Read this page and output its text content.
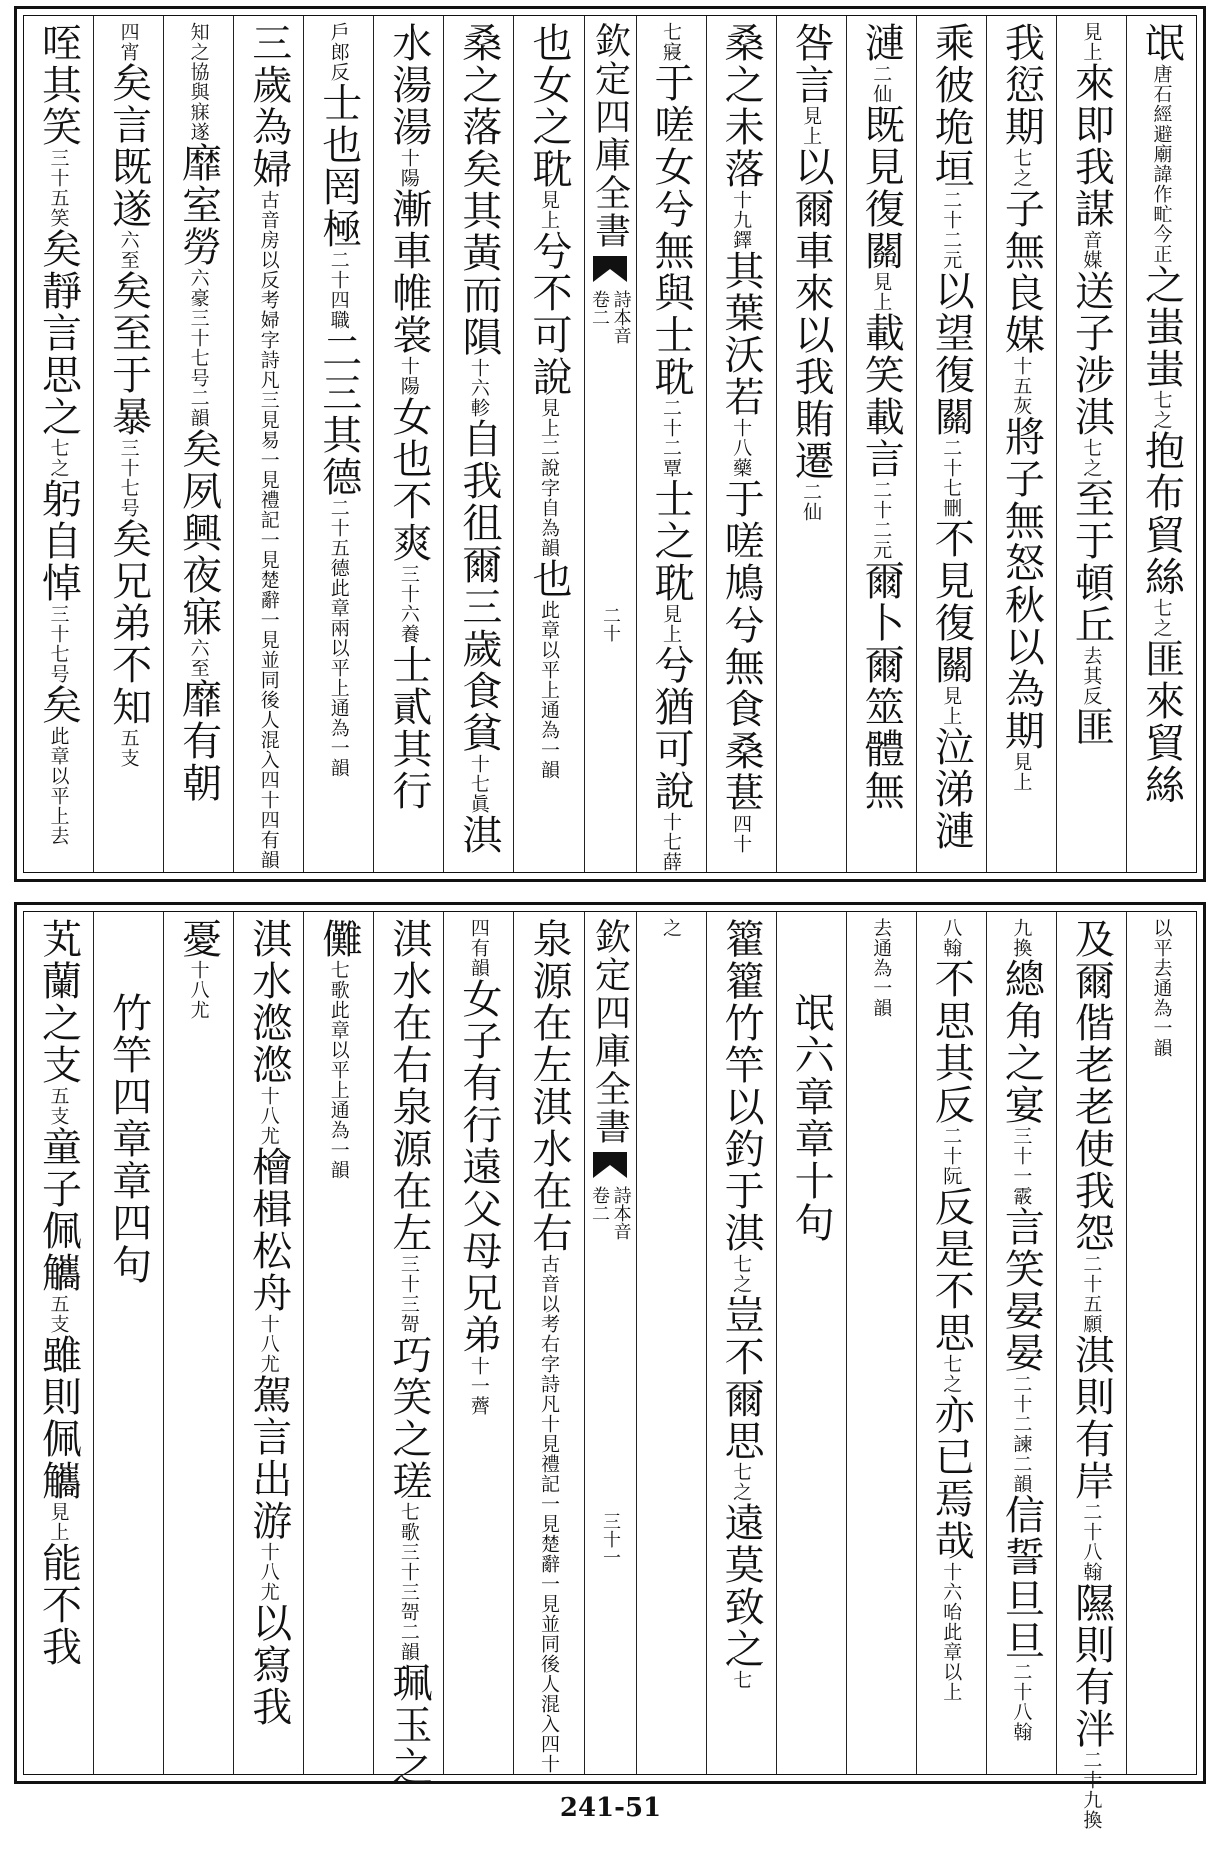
氓唐石經避廟諱作甿今正之蚩蚩七之抱布貿絲七之匪來貿絲
見上來即我謀音媒送子涉淇七之至于頓丘去其反匪
我愆期七之子無良媒十五灰將子無怒秋以為期見上
乘彼垝垣二十二元以望復關二十七刪不見復關見上泣涕漣
漣二仙既見復關見上載笑載言二十二元爾卜爾筮體無
咎言見上以爾車來以我賄遷二仙
桑之未落十九鐸其葉沃若十八藥于嗟鳩兮無食桑葚四十
七寢于嗟女兮無與士耽二十二覃士之耽見上兮猶可說十七薛
欽定四庫全書
詩本音
卷二
二十
也女之耽見上兮不可說見上二說字自為韻也此章以平上通為一韻
桑之落矣其黃而隕十六軫自我徂爾三歲食貧十七眞淇
水湯湯十陽漸車帷裳十陽女也不爽三十六養士貳其行
戶郎反士也罔極二十四職二三其德二十五德此章兩以平上通為一韻
三歲為婦古音房以反考婦字詩凡三見易一見禮記一見楚辭一見並同後人混入四十四有韻
知之協與寐遂靡室勞六豪三十七号二韻矣夙興夜寐六至靡有朝
四宵矣言既遂六至矣至于暴三十七号矣兄弟不知五支
咥其笑三十五笑矣靜言思之七之躬自悼三十七号矣此章以平上去
以平去通為一韻
及爾偕老老使我怨二十五願淇則有岸二十八翰隰則有泮二十九換
九換總角之宴三十一霰言笑晏晏二十二諫二韻信誓旦旦二十八翰
八翰不思其反二十阮反是不思七之亦已焉哉十六咍此章以上
去通為一韻
氓六章章十句
籊籊竹竿以釣于淇七之豈不爾思七之遠莫致之七
之
欽定四庫全書
詩本音
卷二
三十一
泉源在左淇水在右古音以考右字詩凡十見禮記一見楚辭一見並同後人混入四十
四有韻女子有行遠父母兄弟十一薺
淇水在右泉源在左三十三哿巧笑之瑳七歌三十三哿二韻珮玉之
儺七歌此章以平上通為一韻
淇水滺滺十八尤檜楫松舟十八尤駕言出游十八尤以寫我
憂十八尤
竹竿四章章四句
芄蘭之支五支童子佩觿五支雖則佩觿見上能不我
241-51
